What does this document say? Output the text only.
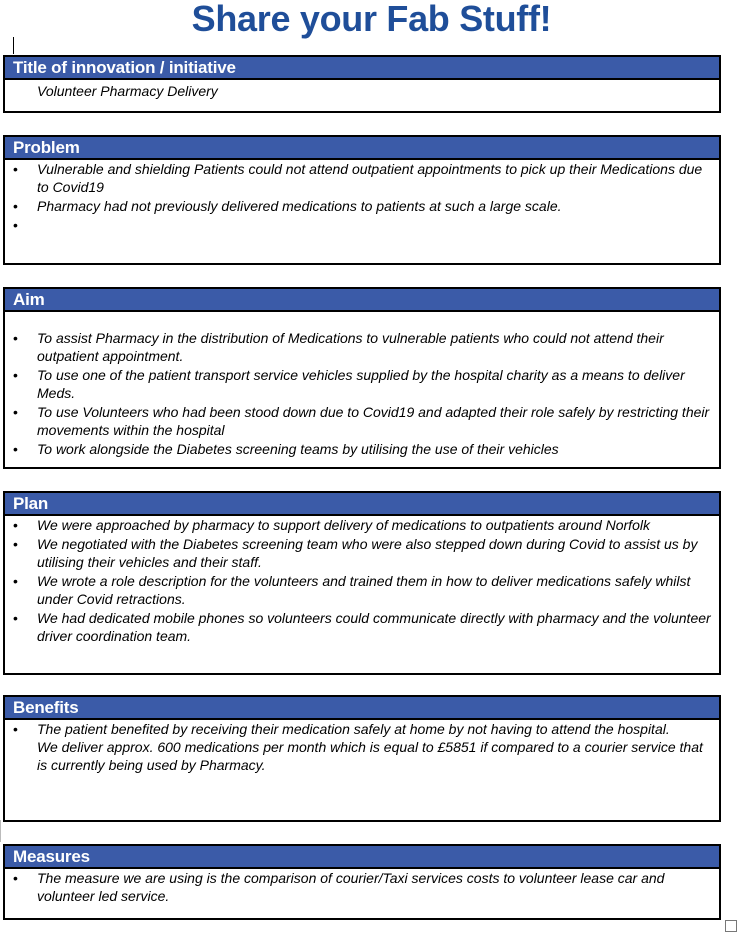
Share your Fab Stuff!
Title of innovation / initiative
Volunteer Pharmacy Delivery
Problem
• Vulnerable and shielding Patients could not attend outpatient appointments to pick up their Medications due to Covid19
• Pharmacy had not previously delivered medications to patients at such a large scale.
•
Aim
• To assist Pharmacy in the distribution of Medications to vulnerable patients who could not attend their outpatient appointment.
• To use one of the patient transport service vehicles supplied by the hospital charity as a means to deliver Meds.
• To use Volunteers who had been stood down due to Covid19 and adapted their role safely by restricting their movements within the hospital
• To work alongside the Diabetes screening teams by utilising the use of their vehicles
Plan
• We were approached by pharmacy to support delivery of medications to outpatients around Norfolk
• We negotiated with the Diabetes screening team who were also stepped down during Covid to assist us by utilising their vehicles and their staff.
• We wrote a role description for the volunteers and trained them in how to deliver medications safely whilst under Covid retractions.
• We had dedicated mobile phones so volunteers could communicate directly with pharmacy and the volunteer driver coordination team.
Benefits
• The patient benefited by receiving their medication safely at home by not having to attend the hospital.
We deliver approx. 600 medications per month which is equal to £5851 if compared to a courier service that is currently being used by Pharmacy.
Measures
• The measure we are using is the comparison of courier/Taxi services costs to volunteer lease car and volunteer led service.
